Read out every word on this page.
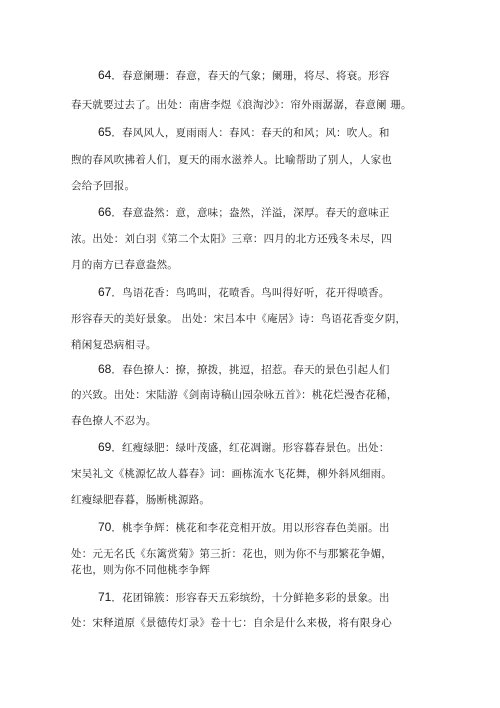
64．春意阑珊：春意，春天的气象；阑珊，将尽、将衰。形容
春天就要过去了。出处：南唐李煜《浪淘沙》：帘外雨潺潺，春意阑 珊。
65．春风风人，夏雨雨人：春风：春天的和风；风：吹人。和
煦的春风吹拂着人们，夏天的雨水滋养人。比喻帮助了别人，人家也
会给予回报。
66．春意盎然：意，意味；盎然，洋溢，深厚。春天的意味正
浓。出处：刘白羽《第二个太阳》三章：四月的北方还残冬未尽，四
月的南方已春意盎然。
67．鸟语花香：鸟鸣叫，花喷香。鸟叫得好听，花开得喷香。
形容春天的美好景象。 出处：宋吕本中《庵居》诗：鸟语花香变夕阴，
稍闲复恐病相寻。
68．春色撩人：撩，撩拨，挑逗，招惹。春天的景色引起人们
的兴致。出处：宋陆游《剑南诗稿山园杂咏五首》：桃花烂漫杏花稀，
春色撩人不忍为。
69．红瘦绿肥：绿叶茂盛，红花凋谢。形容暮春景色。出处：
宋吴礼文《桃源忆故人暮春》词：画栋流水飞花舞，柳外斜风细雨。
红瘦绿肥春暮，肠断桃源路。
70．桃李争辉：桃花和李花竞相开放。用以形容春色美丽。出
处：元无名氏《东篱赏菊》第三折：花也，则为你不与那繁花争媚，
花也，则为你不同他桃李争辉
71．花团锦簇：形容春天五彩缤纷，十分鲜艳多彩的景象。出
处：宋释道原《景德传灯录》卷十七：自余是什么来极，将有限身心
